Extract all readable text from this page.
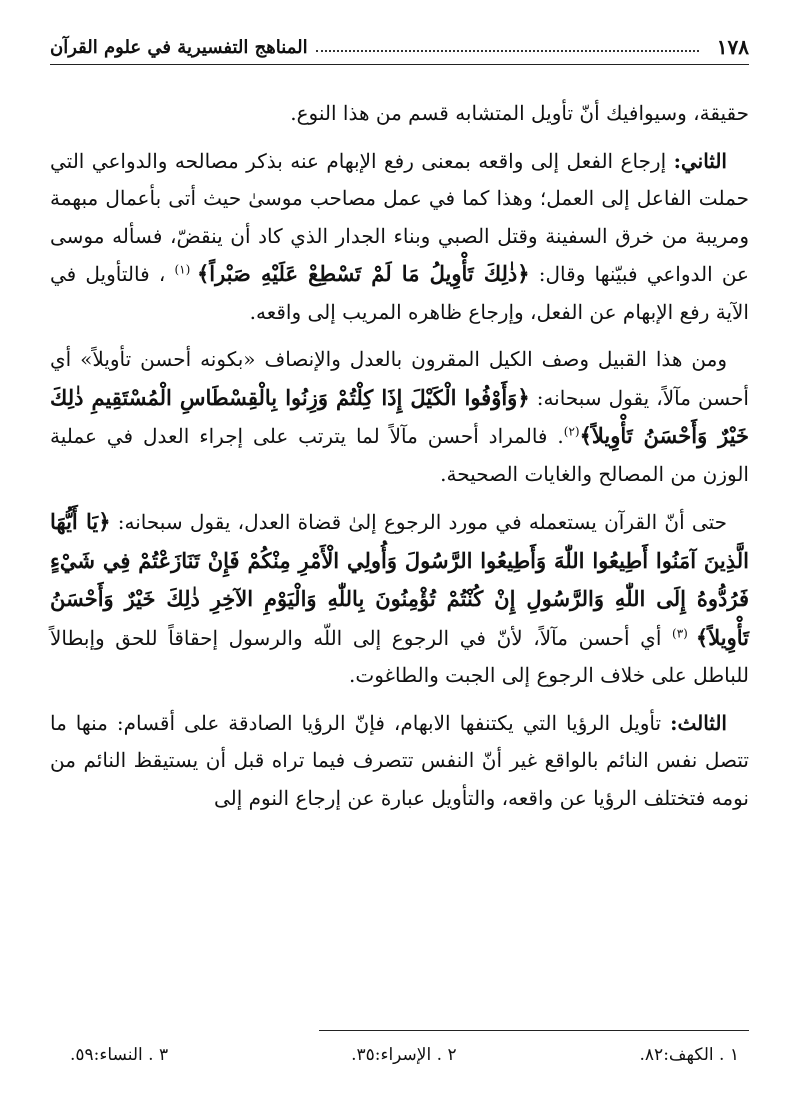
١٧٨
المناهج التفسيرية في علوم القرآن

حقيقة، وسيوافيك أنّ تأويل المتشابه قسم من هذا النوع.

الثاني: إرجاع الفعل إلى واقعه بمعنى رفع الإبهام عنه بذكر مصالحه والدواعي التي حملت الفاعل إلى العمل؛ وهذا كما في عمل مصاحب موسىٰ حيث أتى بأعمال مبهمة ومريبة من خرق السفينة وقتل الصبي وبناء الجدار الذي كاد أن ينقضّ، فسأله موسى عن الدواعي فبيّنها وقال: ﴿ذٰلِكَ تَأْوِيلُ مَا لَمْ تَسْطِعْ عَلَيْهِ صَبْراً﴾ $^{(١)}$ ، فالتأويل في الآية رفع الإبهام عن الفعل، وإرجاع ظاهره المريب إلى واقعه.

ومن هذا القبيل وصف الكيل المقرون بالعدل والإنصاف «بكونه أحسن تأويلاً» أي أحسن مآلاً، يقول سبحانه: ﴿وَأَوْفُوا الْكَيْلَ إِذَا كِلْتُمْ وَزِنُوا بِالْقِسْطَاسِ الْمُسْتَقِيمِ ذٰلِكَ خَيْرٌ وَأَحْسَنُ تَأْوِيلاً﴾$^{(٢)}$. فالمراد أحسن مآلاً لما يترتب على إجراء العدل في عملية الوزن من المصالح والغايات الصحيحة.

حتى أنّ القرآن يستعمله في مورد الرجوع إلىٰ قضاة العدل، يقول سبحانه: ﴿يَا أَيُّهَا الَّذِينَ آمَنُوا أَطِيعُوا اللّٰهَ وَأَطِيعُوا الرَّسُولَ وَأُولِي الْأَمْرِ مِنْكُمْ فَإِنْ تَنَازَعْتُمْ فِي شَيْءٍ فَرُدُّوهُ إِلَى اللّٰهِ وَالرَّسُولِ إِنْ كُنْتُمْ تُؤْمِنُونَ بِاللّٰهِ وَالْيَوْمِ الآخِرِ ذٰلِكَ خَيْرٌ وَأَحْسَنُ تَأْوِيلاً﴾ $^{(٣)}$ أي أحسن مآلاً، لأنّ في الرجوع إلى اللّه والرسول إحقاقاً للحق وإبطالاً للباطل على خلاف الرجوع إلى الجبت والطاغوت.

الثالث: تأويل الرؤيا التي يكتنفها الابهام، فإنّ الرؤيا الصادقة على أقسام: منها ما تتصل نفس النائم بالواقع غير أنّ النفس تتصرف فيما تراه قبل أن يستيقظ النائم من نومه فتختلف الرؤيا عن واقعه، والتأويل عبارة عن إرجاع النوم إلى

١ . الكهف:٨٢.
٢ . الإسراء:٣٥.
٣ . النساء:٥٩.
